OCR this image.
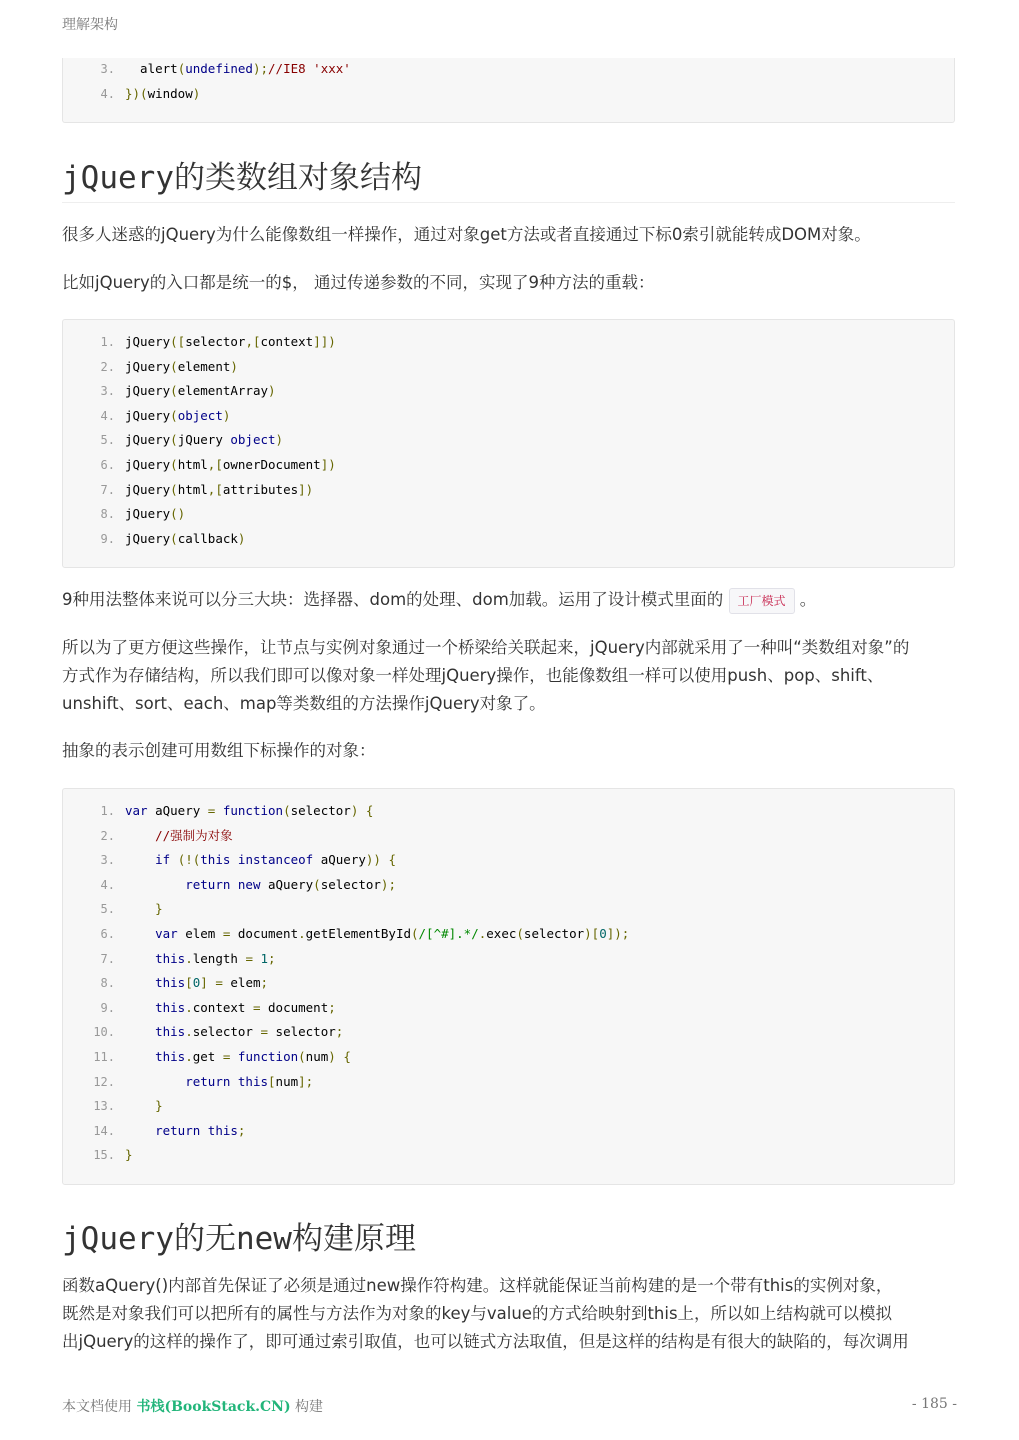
理解架构
3. alert(undefined);//IE8 'xxx'
4. })(window)
jQuery的类数组对象结构
很多人迷惑的jQuery为什么能像数组一样操作，通过对象get方法或者直接通过下标0索引就能转成DOM对象。
比如jQuery的入口都是统一的$， 通过传递参数的不同，实现了9种方法的重载：
1. jQuery([selector,[context]])
2. jQuery(element)
3. jQuery(elementArray)
4. jQuery(object)
5. jQuery(jQuery object)
6. jQuery(html,[ownerDocument])
7. jQuery(html,[attributes])
8. jQuery()
9. jQuery(callback)
9种用法整体来说可以分三大块：选择器、dom的处理、dom加载。运用了设计模式里面的 工厂模式 。
所以为了更方便这些操作，让节点与实例对象通过一个桥梁给关联起来，jQuery内部就采用了一种叫“类数组对象”的
方式作为存储结构，所以我们即可以像对象一样处理jQuery操作，也能像数组一样可以使用push、pop、shift、
unshift、sort、each、map等类数组的方法操作jQuery对象了。
抽象的表示创建可用数组下标操作的对象：
1. var aQuery = function(selector) {
2.	//强制为对象
3.	if (!(this instanceof aQuery)) {
4.	return new aQuery(selector);
5.	}
6.	var elem = document.getElementById(/[^#].*/.exec(selector)[0]);
7.	this.length = 1;
8.	this[0] = elem;
9.	this.context = document;
10.	this.selector = selector;
11.	this.get = function(num) {
12.	return this[num];
13.	}
14.	return this;
15. }
jQuery的无new构建原理
函数aQuery()内部首先保证了必须是通过new操作符构建。这样就能保证当前构建的是一个带有this的实例对象，
既然是对象我们可以把所有的属性与方法作为对象的key与value的方式给映射到this上，所以如上结构就可以模拟
出jQuery的这样的操作了，即可通过索引取值，也可以链式方法取值，但是这样的结构是有很大的缺陷的，每次调用
本文档使用 书栈(BookStack.CN) 构建	- 185 -
